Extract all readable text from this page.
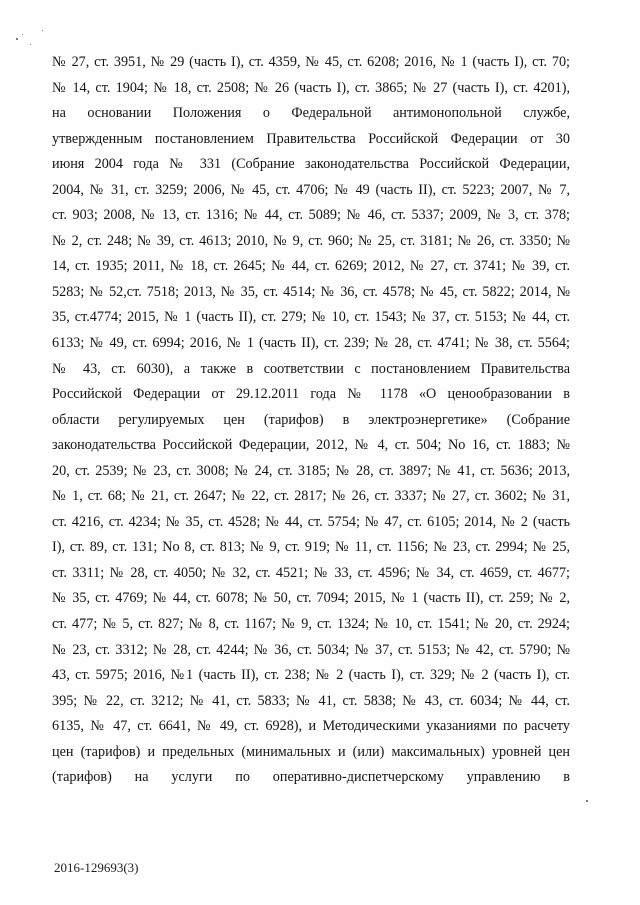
№ 27, ст. 3951, № 29 (часть I), ст. 4359, № 45, ст. 6208; 2016, № 1 (часть I), ст. 70;
№ 14, ст. 1904; № 18, ст. 2508; № 26 (часть I), ст. 3865; № 27 (часть I), ст. 4201),
на основании Положения о Федеральной антимонопольной службе,
утвержденным постановлением Правительства Российской Федерации от 30
июня 2004 года № 331 (Собрание законодательства Российской Федерации,
2004, № 31, ст. 3259; 2006, № 45, ст. 4706; № 49 (часть II), ст. 5223; 2007, № 7,
ст. 903; 2008, № 13, ст. 1316; № 44, ст. 5089; № 46, ст. 5337; 2009, № 3, ст. 378;
№ 2, ст. 248; № 39, ст. 4613; 2010, № 9, ст. 960; № 25, ст. 3181; № 26, ст. 3350; №
14, ст. 1935; 2011, № 18, ст. 2645; № 44, ст. 6269; 2012, № 27, ст. 3741; № 39, ст.
5283; № 52,ст. 7518; 2013, № 35, ст. 4514; № 36, ст. 4578; № 45, ст. 5822; 2014, №
35, ст.4774; 2015, № 1 (часть II), ст. 279; № 10, ст. 1543; № 37, ст. 5153; № 44, ст.
6133; № 49, ст. 6994; 2016, № 1 (часть II), ст. 239; № 28, ст. 4741; № 38, ст. 5564;
№ 43, ст. 6030), а также в соответствии с постановлением Правительства
Российской Федерации от 29.12.2011 года № 1178 «О ценообразовании в
области регулируемых цен (тарифов) в электроэнергетике» (Собрание
законодательства Российской Федерации, 2012, № 4, ст. 504; No 16, ст. 1883; №
20, ст. 2539; № 23, ст. 3008; № 24, ст. 3185; № 28, ст. 3897; № 41, ст. 5636; 2013,
№ 1, ст. 68; № 21, ст. 2647; № 22, ст. 2817; № 26, ст. 3337; № 27, ст. 3602; № 31,
ст. 4216, ст. 4234; № 35, ст. 4528; № 44, ст. 5754; № 47, ст. 6105; 2014, № 2 (часть
I), ст. 89, ст. 131; No 8, ст. 813; № 9, ст. 919; № 11, ст. 1156; № 23, ст. 2994; № 25,
ст. 3311; № 28, ст. 4050; № 32, ст. 4521; № 33, ст. 4596; № 34, ст. 4659, ст. 4677;
№ 35, ст. 4769; № 44, ст. 6078; № 50, ст. 7094; 2015, № 1 (часть II), ст. 259; № 2,
ст. 477; № 5, ст. 827; № 8, ст. 1167; № 9, ст. 1324; № 10, ст. 1541; № 20, ст. 2924;
№ 23, ст. 3312; № 28, ст. 4244; № 36, ст. 5034; № 37, ст. 5153; № 42, ст. 5790; №
43, ст. 5975; 2016, №1 (часть II), ст. 238; № 2 (часть I), ст. 329; № 2 (часть I), ст.
395; № 22, ст. 3212; № 41, ст. 5833; № 41, ст. 5838; № 43, ст. 6034; № 44, ст.
6135, № 47, ст. 6641, № 49, ст. 6928), и Методическими указаниями по расчету
цен (тарифов) и предельных (минимальных и (или) максимальных) уровней цен
(тарифов) на услуги по оперативно-диспетчерскому управлению в
2016-129693(3)
